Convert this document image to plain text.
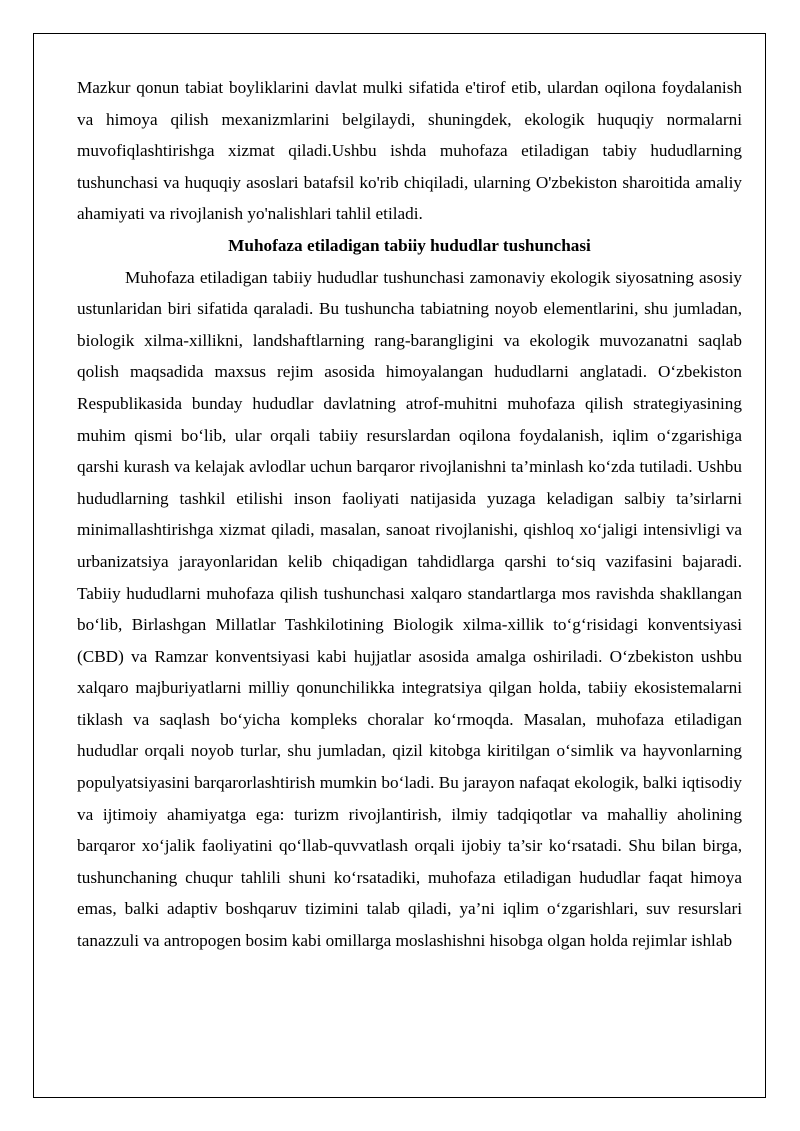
Mazkur qonun tabiat boyliklarini davlat mulki sifatida e'tirof etib, ulardan oqilona foydalanish va himoya qilish mexanizmlarini belgilaydi, shuningdek, ekologik huquqiy normalarni muvofiqlashtirishga xizmat qiladi.Ushbu ishda muhofaza etiladigan tabiy hududlarning tushunchasi va huquqiy asoslari batafsil ko'rib chiqiladi, ularning O'zbekiston sharoitida amaliy ahamiyati va rivojlanish yo'nalishlari tahlil etiladi.

Muhofaza etiladigan tabiiy hududlar tushunchasi

Muhofaza etiladigan tabiiy hududlar tushunchasi zamonaviy ekologik siyosatning asosiy ustunlaridan biri sifatida qaraladi. Bu tushuncha tabiatning noyob elementlarini, shu jumladan, biologik xilma-xillikni, landshaftlarning rang-barangligini va ekologik muvozanatni saqlab qolish maqsadida maxsus rejim asosida himoyalangan hududlarni anglatadi. O‘zbekiston Respublikasida bunday hududlar davlatning atrof-muhitni muhofaza qilish strategiyasining muhim qismi bo‘lib, ular orqali tabiiy resurslardan oqilona foydalanish, iqlim o‘zgarishiga qarshi kurash va kelajak avlodlar uchun barqaror rivojlanishni ta’minlash ko‘zda tutiladi. Ushbu hududlarning tashkil etilishi inson faoliyati natijasida yuzaga keladigan salbiy ta’sirlarni minimallashtirishga xizmat qiladi, masalan, sanoat rivojlanishi, qishloq xo‘jaligi intensivligi va urbanizatsiya jarayonlaridan kelib chiqadigan tahdidlarga qarshi to‘siq vazifasini bajaradi. Tabiiy hududlarni muhofaza qilish tushunchasi xalqaro standartlarga mos ravishda shakllangan bo‘lib, Birlashgan Millatlar Tashkilotining Biologik xilma-xillik to‘g‘risidagi konventsiyasi (CBD) va Ramzar konventsiyasi kabi hujjatlar asosida amalga oshiriladi. O‘zbekiston ushbu xalqaro majburiyatlarni milliy qonunchilikka integratsiya qilgan holda, tabiiy ekosistemalarni tiklash va saqlash bo‘yicha kompleks choralar ko‘rmoqda. Masalan, muhofaza etiladigan hududlar orqali noyob turlar, shu jumladan, qizil kitobga kiritilgan o‘simlik va hayvonlarning populyatsiyasini barqarorlashtirish mumkin bo‘ladi. Bu jarayon nafaqat ekologik, balki iqtisodiy va ijtimoiy ahamiyatga ega: turizm rivojlantirish, ilmiy tadqiqotlar va mahalliy aholining barqaror xo‘jalik faoliyatini qo‘llab-quvvatlash orqali ijobiy ta’sir ko‘rsatadi. Shu bilan birga, tushunchaning chuqur tahlili shuni ko‘rsatadiki, muhofaza etiladigan hududlar faqat himoya emas, balki adaptiv boshqaruv tizimini talab qiladi, ya’ni iqlim o‘zgarishlari, suv resurslari tanazzuli va antropogen bosim kabi omillarga moslashishni hisobga olgan holda rejimlar ishlab
